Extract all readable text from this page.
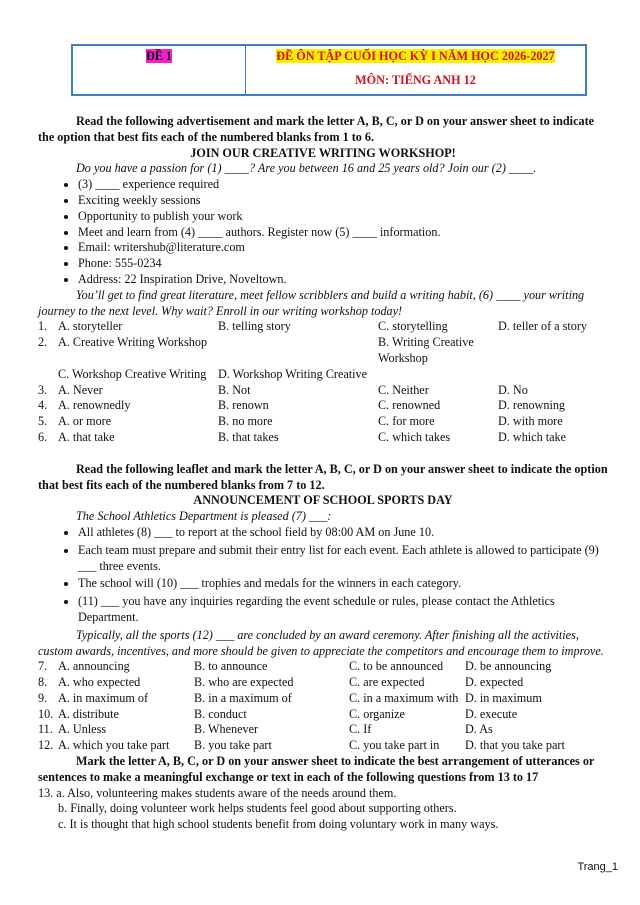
ĐỀ 1	ĐỀ ÔN TẬP CUỐI HỌC KỲ I NĂM HỌC 2026-2027
MÔN: TIẾNG ANH 12
Read the following advertisement and mark the letter A, B, C, or D on your answer sheet to indicate the option that best fits each of the numbered blanks from 1 to 6.
JOIN OUR CREATIVE WRITING WORKSHOP!
Do you have a passion for (1) ____? Are you between 16 and 25 years old? Join our (2) ____.
• (3) ____ experience required
• Exciting weekly sessions
• Opportunity to publish your work
• Meet and learn from (4) ____ authors. Register now (5) ____ information.
• Email: writershub@literature.com
• Phone: 555-0234
• Address: 22 Inspiration Drive, Noveltown.
You’ll get to find great literature, meet fellow scribblers and build a writing habit, (6) ____ your writing journey to the next level. Why wait? Enroll in our writing workshop today!
1. A. storyteller	B. telling story	C. storytelling	D. teller of a story
2. A. Creative Writing Workshop	B. Writing Creative Workshop
C. Workshop Creative Writing D. Workshop Writing Creative
3. A. Never	B. Not	C. Neither	D. No
4. A. renownedly	B. renown	C. renowned	D. renowning
5. A. or more	B. no more	C. for more	D. with more
6. A. that take	B. that takes	C. which takes	D. which take
Read the following leaflet and mark the letter A, B, C, or D on your answer sheet to indicate the option that best fits each of the numbered blanks from 7 to 12.
ANNOUNCEMENT OF SCHOOL SPORTS DAY
The School Athletics Department is pleased (7) ___:
• All athletes (8) ___ to report at the school field by 08:00 AM on June 10.
• Each team must prepare and submit their entry list for each event. Each athlete is allowed to participate (9) ___ three events.
• The school will (10) ___ trophies and medals for the winners in each category.
• (11) ___ you have any inquiries regarding the event schedule or rules, please contact the Athletics Department.
Typically, all the sports (12) ___ are concluded by an award ceremony. After finishing all the activities, custom awards, incentives, and more should be given to appreciate the competitors and encourage them to improve.
7. A. announcing	B. to announce	C. to be announced	D. be announcing
8. A. who expected	B. who are expected	C. are expected	D. expected
9. A. in maximum of	B. in a maximum of	C. in a maximum with D. in maximum
10. A. distribute	B. conduct	C. organize	D. execute
11. A. Unless	B. Whenever	C. If	D. As
12. A. which you take part	B. you take part	C. you take part in	D. that you take part
Mark the letter A, B, C, or D on your answer sheet to indicate the best arrangement of utterances or sentences to make a meaningful exchange or text in each of the following questions from 13 to 17
13. a. Also, volunteering makes students aware of the needs around them.
b. Finally, doing volunteer work helps students feel good about supporting others.
c. It is thought that high school students benefit from doing voluntary work in many ways.
Trang_1
